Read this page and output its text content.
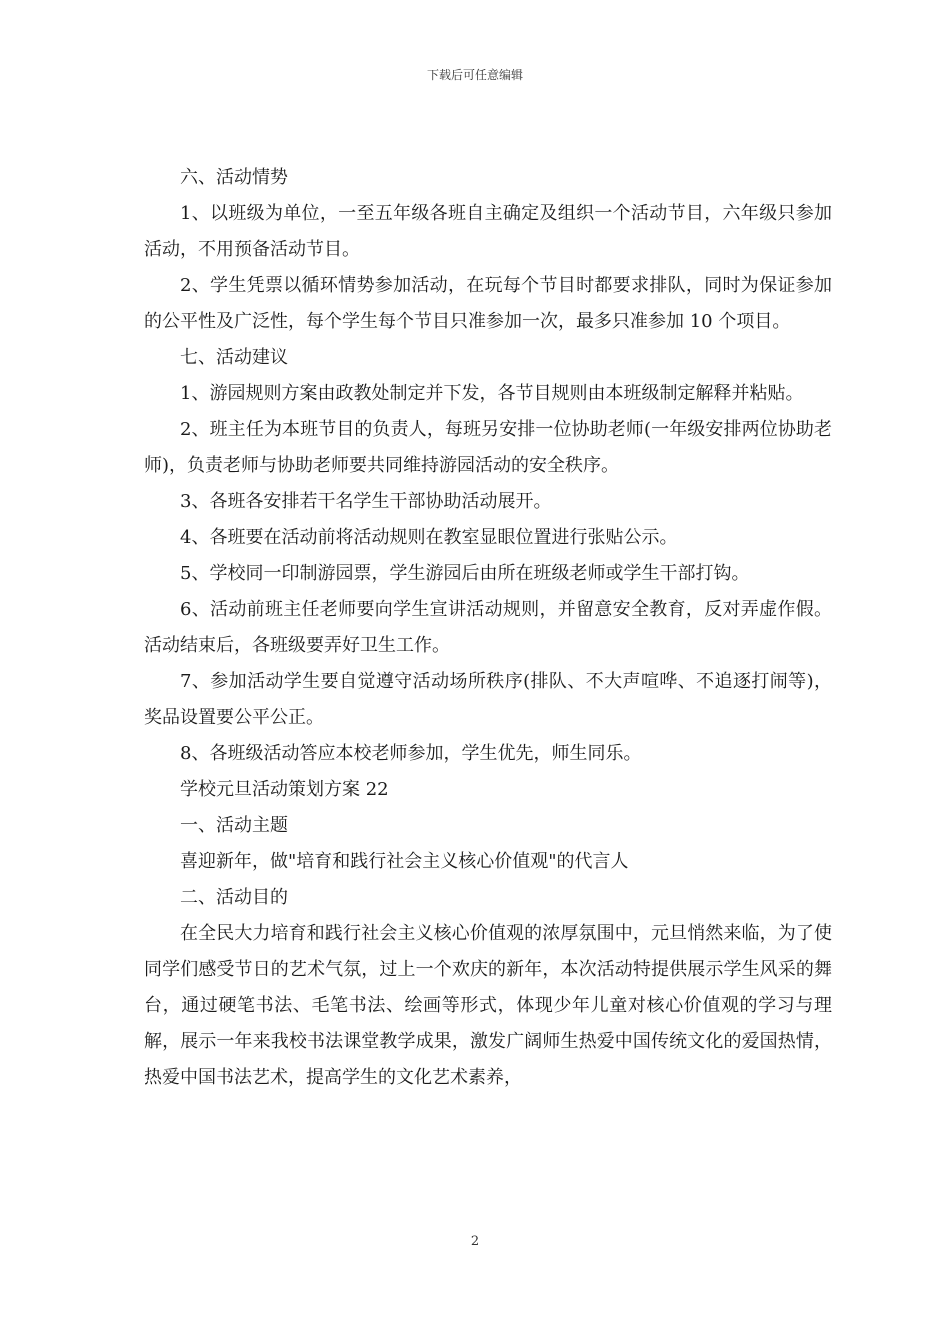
下载后可任意编辑

六、活动情势

1、以班级为单位，一至五年级各班自主确定及组织一个活动节目，六年级只参加活动，不用预备活动节目。

2、学生凭票以循环情势参加活动，在玩每个节目时都要求排队，同时为保证参加的公平性及广泛性，每个学生每个节目只准参加一次，最多只准参加 10 个项目。

七、活动建议

1、游园规则方案由政教处制定并下发，各节目规则由本班级制定解释并粘贴。

2、班主任为本班节目的负责人，每班另安排一位协助老师(一年级安排两位协助老师)，负责老师与协助老师要共同维持游园活动的安全秩序。

3、各班各安排若干名学生干部协助活动展开。

4、各班要在活动前将活动规则在教室显眼位置进行张贴公示。

5、学校同一印制游园票，学生游园后由所在班级老师或学生干部打钩。

6、活动前班主任老师要向学生宣讲活动规则，并留意安全教育，反对弄虚作假。活动结束后，各班级要弄好卫生工作。

7、参加活动学生要自觉遵守活动场所秩序(排队、不大声喧哗、不追逐打闹等)，奖品设置要公平公正。

8、各班级活动答应本校老师参加，学生优先，师生同乐。

学校元旦活动策划方案 22

一、活动主题

喜迎新年，做"培育和践行社会主义核心价值观"的代言人

二、活动目的

在全民大力培育和践行社会主义核心价值观的浓厚氛围中，元旦悄然来临，为了使同学们感受节日的艺术气氛，过上一个欢庆的新年，本次活动特提供展示学生风采的舞台，通过硬笔书法、毛笔书法、绘画等形式，体现少年儿童对核心价值观的学习与理解，展示一年来我校书法课堂教学成果，激发广阔师生热爱中国传统文化的爱国热情，热爱中国书法艺术，提高学生的文化艺术素养，

2
